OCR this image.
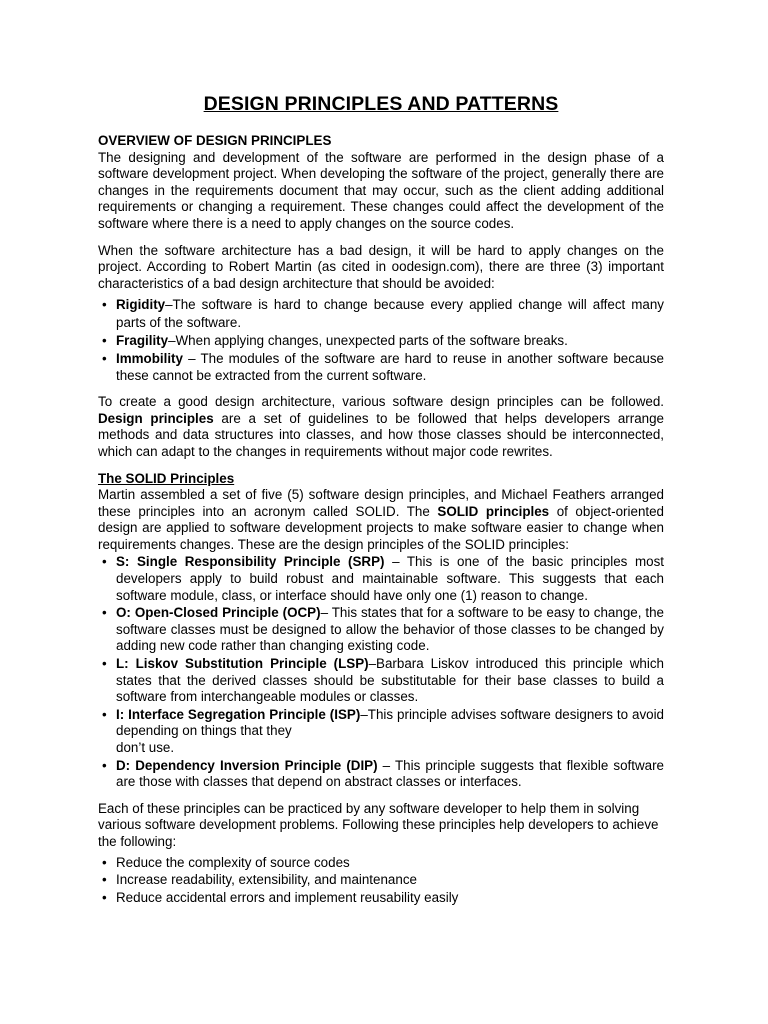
DESIGN PRINCIPLES AND PATTERNS
OVERVIEW OF DESIGN PRINCIPLES

The designing and development of the software are performed in the design phase of a software development project. When developing the software of the project, generally there are changes in the requirements document that may occur, such as the client adding additional requirements or changing a requirement. These changes could affect the development of the software where there is a need to apply changes on the source codes.

When the software architecture has a bad design, it will be hard to apply changes on the project. According to Robert Martin (as cited in oodesign.com), there are three (3) important characteristics of a bad design architecture that should be avoided:

• Rigidity–The software is hard to change because every applied change will affect many parts of the software.
• Fragility–When applying changes, unexpected parts of the software breaks.
• Immobility – The modules of the software are hard to reuse in another software because these cannot be extracted from the current software.

To create a good design architecture, various software design principles can be followed. Design principles are a set of guidelines to be followed that helps developers arrange methods and data structures into classes, and how those classes should be interconnected, which can adapt to the changes in requirements without major code rewrites.

The SOLID Principles

Martin assembled a set of five (5) software design principles, and Michael Feathers arranged these principles into an acronym called SOLID. The SOLID principles of object-oriented design are applied to software development projects to make software easier to change when requirements changes. These are the design principles of the SOLID principles:

• S: Single Responsibility Principle (SRP) – This is one of the basic principles most developers apply to build robust and maintainable software. This suggests that each software module, class, or interface should have only one (1) reason to change.
• O: Open-Closed Principle (OCP)– This states that for a software to be easy to change, the software classes must be designed to allow the behavior of those classes to be changed by adding new code rather than changing existing code.
• L: Liskov Substitution Principle (LSP)–Barbara Liskov introduced this principle which states that the derived classes should be substitutable for their base classes to build a software from interchangeable modules or classes.
• I: Interface Segregation Principle (ISP)–This principle advises software designers to avoid depending on things that they
don’t use.
• D: Dependency Inversion Principle (DIP) – This principle suggests that flexible software are those with classes that depend on abstract classes or interfaces.

Each of these principles can be practiced by any software developer to help them in solving various software development problems. Following these principles help developers to achieve the following:

• Reduce the complexity of source codes
• Increase readability, extensibility, and maintenance
• Reduce accidental errors and implement reusability easily
